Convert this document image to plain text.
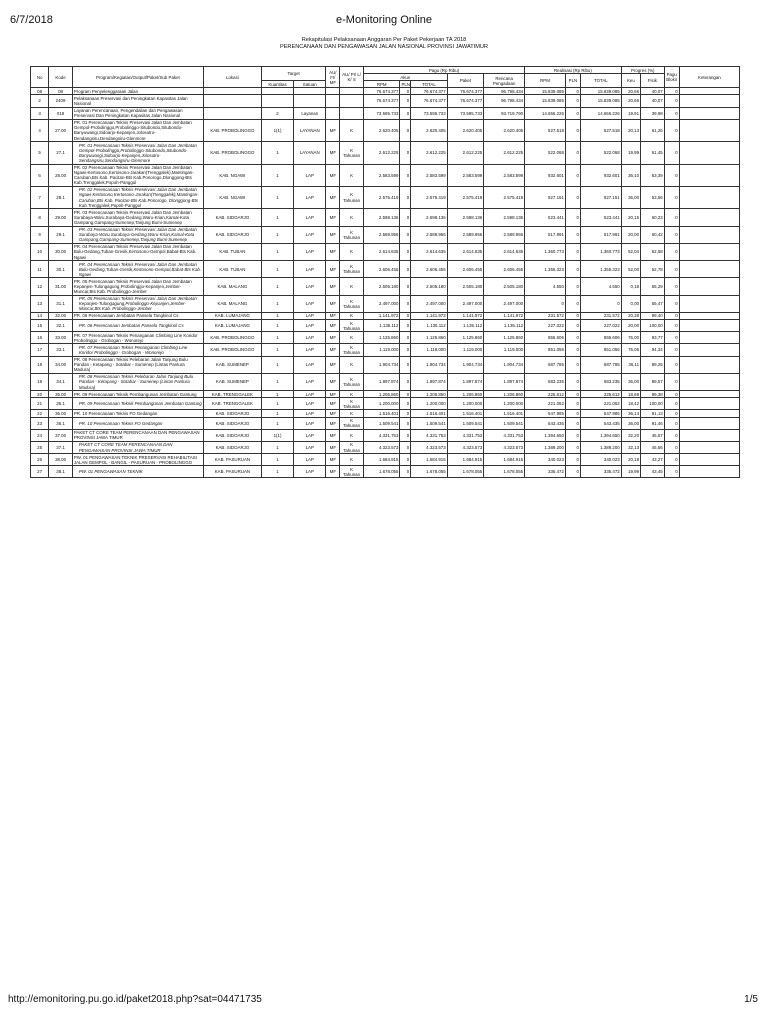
6/7/2018	e-Monitoring Online
Rekapitulasi Pelaksanaan Anggaran Per Paket Pekerjaan TA 2018
PERENCANAAN DAN PENGAWASAN JALAN NASIONAL PROVINSI JAWATIMUR
No	Kode	Program/Kegiatan/Output/Paket/Sub Paket	Lokasi	Target		AU/ FI/ MF	AU/ PI/ L/ K/ S	Pagu (Rp Ribu)					Realisasi (Rp Ribu)			Progres (%)		Pagu Blokir	Keterangan
								Akun			Paket	Rencana Pengadaan	RPM	PLN	TOTAL	Keu	Fisik		
				Kuantitas	Satuan			RPM	PLN	TOTAL									
08	08	Program Penyelenggaraan Jalan						76.674.377	0	76.674.377	76.674.377	96.798.434	15.839.085	0	15.839.085	20,66	40,07	0	
2	2409	Pelaksanaan Preservasi dan Peningkatan Kapasitas Jalan Nasional						76.674.377	0	76.674.377	76.674.377	96.798.434	15.839.085	0	15.839.085	20,66	40,07	0	
3	018	Layanan Perencanaan, Pengendalian dan Pengawasan Preservasi Dan Peningkatan Kapasitas Jalan Nasional		2	Layanan			73.595.733	0	73.595.733	73.595.733	93.719.790	14.656.226	0	14.656.226	19,91	39,98	0	
4	27.00	PR. 01 Perencanaan Teknis Preservasi Jalan Dan Jembatan Gempol-Probolinggo,Probolinggo-Situbondo,Situbondo-Banyuwangi,Sidoarjo-Kepanjen,Jolosutro-Dendangsiru,Dendangsiru-Glenmore	KAB. PROBOLINGGO	1(1)	LAYANAN	MF	K	2.620.405	0	2.620.405	2.620.405	2.620.405	527.518	0	527.518	20,13	61,26	0	
5	27.1	PR. 01 Perencanaan Teknis Preservasi Jalan Dan Jembatan Gempol-Probolinggo,Probolinggo-Situbondo,Situbondo-Banyuwangi,Sidoarjo-Kepanjen,Jolosutro-Sendangsiru,Sendangsiru-Glenmore	KAB. PROBOLINGGO	1	LAYANAN	MF	K Tahunan	2.612.225	0	2.612.225	2.612.225	2.612.225	522.068	0	522.068	19,99	61,45	0	
6	28.00	PR. 02 Perencanaan Teknis Preservasi Jalan Dan Jembatan Ngawi-Kertosono,Kertosono-Jarakan(Trenggalek),Mantingan-Caruban,Bts Kab. Pacitan-Bts Kab.Ponorogo,Dlonggong-Bts Kab.Trenggalek,Popoh-Panggul	KAB. NGAWI	1	LAP	MF	K	2.583.599	0	2.583.599	2.583.599	2.583.599	932.601	0	932.601	36,10	53,39	0	
7	28.1	PR. 02 Perencanaan Teknis Preservasi Jalan Dan Jembatan Ngawi-Kertosono,Kertosono-Jarakan(Trenggalek),Mantingan-Caruban,Bts Kab. Pacitan-Bts Kab.Ponorogo, Dlonggong-Bts Kab.Trenggalek,Popoh-Panggul	KAB. NGAWI	1	LAP	MF	K Tahunan	2.575.419	0	2.575.419	2.575.419	2.575.419	927.151	0	927.151	36,00	53,56	0	
8	29.00	PR. 03 Perencanaan Teknis Preservasi Jalan Dan Jembatan Surabaya-Waru,Surabaya-Gedang,Waru-Krian,Kamal-Kota Gampang,Gampang-Sumenep,Tanjung Bumi-Sumenep	KAB. SIDOARJO	1	LAP	MF	K	2.598.136	0	2.598.136	2.598.136	2.598.136	523.441	0	523.441	20,15	60,23	0	
9	29.1	PR. 03 Perencanaan Teknis Preservasi Jalan Dan Jembatan Surabaya-Waru,Surabaya-Gedang,Waru-Krian,Kamal-Kota Gampang,Gampang-Sumenep,Tanjung Bumi-Sumenep	KAB. SIDOARJO	1	LAP	MF	K Tahunan	2.589.956	0	2.589.956	2.589.956	2.589.956	517.991	0	517.991	20,00	60,42	0	
10	30.00	PR. 04 Perencanaan Teknis Preservasi Jalan Dan Jembatan Bulu-Gedang,Tuban-Gresik,Kertosono-Gempol,Babat-Bts Kab. Ngawi	KAB. TUBAN	1	LAP	MF	K	2.614.635	0	2.614.635	2.614.635	2.614.635	1.360.773	0	1.360.773	52,04	62,58	0	
11	30.1	PR. 04 Perencanaan Teknis Preservasi Jalan Dan Jembatan Bulu-Gedang,Tuban-Gresik,Kertosono-Gempol,Babat-Bts Kab. Ngawi	KAB. TUBAN	1	LAP	MF	K Tahunan	2.606.455	0	2.606.455	2.606.455	2.606.455	1.355.323	0	1.355.323	52,00	62,78	0	
12	31.00	PR. 05 Perencanaan Teknis Preservasi Jalan Dan Jembatan Kepanjen-Tulungagung,Probolinggo-Kepanjen,Jember-Muncar,Bts Kab. Probolinggo-Jember	KAB. MALANG	1	LAP	MF	K	2.505.180	0	2.505.180	2.505.180	2.505.180	4.550	0	4.550	0,18	55,29	0	
13	31.1	PR. 05 Perencanaan Teknis Preservasi Jalan Dan Jembatan Kepanjen-Tulungagung,Probolinggo-Kepanjen,Jember-Muncar,Bts Kab. Probolinggo-Jember	KAB. MALANG	1	LAP	MF	K Tahunan	2.497.000	0	2.497.000	2.497.000	2.497.000	0	0	0	0,00	55,47	0	
14	32.00	PR. 06 Perencanaan Jembatan Pansela Tangkinol Cs	KAB. LUMAJANG	1	LAP	MF	K	1.141.972	0	1.141.972	1.141.972	1.141.972	231.572	0	231.572	20,28	99,40	0	
15	32.1	PR. 06 Perencanaan Jembatan Pansela Tangkinol Cs	KAB. LUMAJANG	1	LAP	MF	K Tahunan	1.135.112	0	1.135.112	1.135.112	1.135.112	227.022	0	227.022	20,00	100,00	0	
16	33.00	PR. 07 Perencanaan Teknis Penanganan Climbing Line Koridor Probolinggo - Grobogan - Wonorejo	KAB. PROBOLINGGO	1	LAP	MF	K	1.125.860	0	1.125.860	1.125.860	1.125.860	855.606	0	855.606	76,00	93,77	0	
17	33.1	PR. 07 Perencanaan Teknis Penanganan Climbing Line Koridor Probolinggo - Grobogan - Wonorejo	KAB. PROBOLINGGO	1	LAP	MF	K Tahunan	1.119.000	0	1.119.000	1.119.000	1.119.000	851.056	0	851.056	76,06	94,34	0	
18	34.00	PR. 08 Perencanaan Teknis Pelebaran Jalan Tanjung Bulu Pandan - Ketapang - Sotabar - Sumenep (Lintas Pantura Madura)	KAB. SUMENEP	1	LAP	MF	K	1.904.734	0	1.904.734	1.904.734	1.904.734	687.785	0	687.785	36,11	89,25	0	
19	34.1	PR. 08 Perencanaan Teknis Pelebaran Jalan Tanjung Bulu Pandan - Ketapang - Sotabar - Sumenep (Lintas Pantura Madura)	KAB. SUMENEP	1	LAP	MF	K Tahunan	1.897.874	0	1.897.874	1.897.874	1.897.874	683.235	0	683.235	36,00	89,57	0	
20	35.00	PR. 09 Perencanaan Teknik Pembangunan Jembatan Gantung	KAB. TRENGGALEK	1	LAP	MF	K	1.206.860	0	1.206.860	1.206.860	1.206.860	225.612	0	225.612	18,69	99,38	0	
21	35.1	PR. 09 Perencanaan Teknik Pembangunan Jembatan Gantung	KAB. TRENGGALEK	1	LAP	MF	K Tahunan	1.200.000	0	1.200.000	1.200.000	1.200.000	221.062	0	221.062	18,42	100,00	0	
22	36.00	PR. 10 Perencanaan Teknis FO Gedangan	KAB. SIDOARJO	1	LAP	MF	K	1.516.401	0	1.516.401	1.516.401	1.516.401	547.985	0	547.985	36,14	91,13	0	
23	36.1	PR. 10 Perencanaan Teknis FO Gedangan	KAB. SIDOARJO	1	LAP	MF	K Tahunan	1.509.541	0	1.509.541	1.509.541	1.509.541	543.435	0	543.435	36,00	91,46	0	
24	37.00	PAKET CT CORE TEAM PERENCANAAN DAN PENGAWASAN PROVINSI JAWA TIMUR	KAB. SIDOARJO	1(1)	LAP	MF	K	4.331.753	0	4.331.753	4.331.753	4.331.753	1.394.650	0	1.394.650	32,20	45,57	0	
25	37.1	PAKET CT CORE TEAM PERENCANAAN DAN PENGAWASAN PROVINSI JAWA TIMUR	KAB. SIDOARJO	1	LAP	MF	K Tahunan	4.323.573	0	4.323.573	4.323.573	4.323.573	1.389.200	0	1.389.200	32,13	45,56	0	
26	38.00	PW. 01 PENGAWASAN TEKNIK PRESERVASI REHABILITASI JALAN GEMPOL - BANGIL - PASURUAN - PROBOLINGGO	KAB. PASURUAN	1	LAP	MF	K	1.684.915	0	1.684.915	1.684.915	1.684.915	340.023	0	340.023	20,18	43,27	0	
27	38.1	PW. 01 PENGAWASAN TEKNIK	KAB. PASURUAN	1	LAP	MF	K Tahunan	1.678.055	0	1.678.055	1.678.055	1.678.055	335.472	0	335.472	19,99	43,45	0	
http://emonitoring.pu.go.id/paket2018.php?sat=04471735	1/5
